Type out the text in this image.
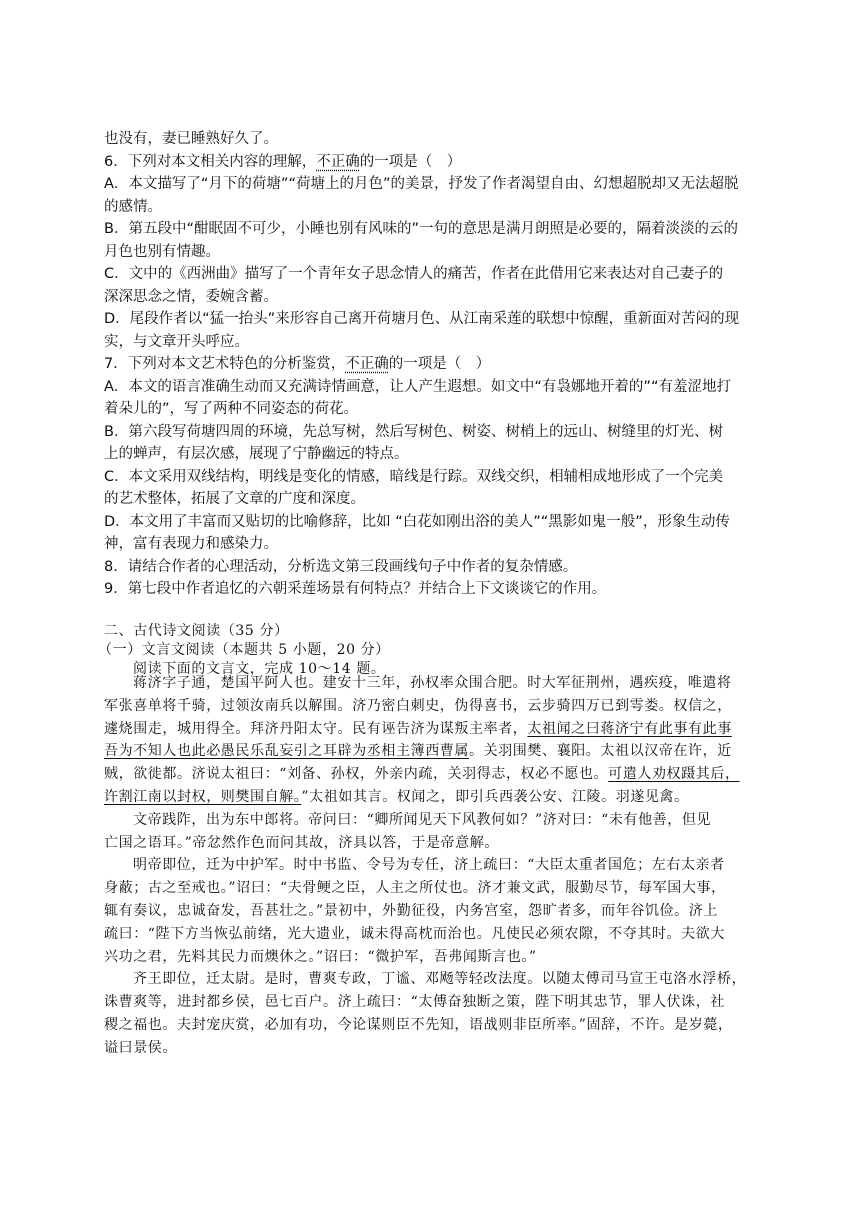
也没有，妻已睡熟好久了。

6．下列对本文相关内容的理解，不正确的一项是（　）

A．本文描写了“月下的荷塘”“荷塘上的月色”的美景，抒发了作者渴望自由、幻想超脱却又无法超脱

的感情。

B．第五段中“酣眠固不可少，小睡也别有风味的”一句的意思是满月朗照是必要的，隔着淡淡的云的

月色也别有情趣。

C．文中的《西洲曲》描写了一个青年女子思念情人的痛苦，作者在此借用它来表达对自己妻子的

深深思念之情，委婉含蓄。

D．尾段作者以“猛一抬头”来形容自己离开荷塘月色、从江南采莲的联想中惊醒，重新面对苦闷的现

实，与文章开头呼应。

7．下列对本文艺术特色的分析鉴赏，不正确的一项是（　）

A．本文的语言准确生动而又充满诗情画意，让人产生遐想。如文中“有袅娜地开着的”“有羞涩地打

着朵儿的”，写了两种不同姿态的荷花。

B．第六段写荷塘四周的环境，先总写树，然后写树色、树姿、树梢上的远山、树缝里的灯光、树

上的蝉声，有层次感，展现了宁静幽远的特点。

C．本文采用双线结构，明线是变化的情感，暗线是行踪。双线交织，相辅相成地形成了一个完美

的艺术整体，拓展了文章的广度和深度。

D．本文用了丰富而又贴切的比喻修辞，比如 “白花如刚出浴的美人”“黑影如鬼一般”，形象生动传

神，富有表现力和感染力。

8．请结合作者的心理活动，分析选文第三段画线句子中作者的复杂情感。

9．第七段中作者追忆的六朝采莲场景有何特点？并结合上下文谈谈它的作用。

二、古代诗文阅读（35 分）

（一）文言文阅读（本题共 5 小题，20 分）

阅读下面的文言文，完成 10～14 题。

蒋济字子通，楚国平阿人也。建安十三年，孙权率众围合肥。时大军征荆州，遇疾疫，唯遣将

军张喜单将千骑，过领汝南兵以解围。济乃密白刺史，伪得喜书，云步骑四万已到雩娄。权信之，

遽烧围走，城用得全。拜济丹阳太守。民有诬告济为谋叛主率者，太祖闻之曰蒋济宁有此事有此事

吾为不知人也此必愚民乐乱妄引之耳辟为丞相主簿西曹属。关羽围樊、襄阳。太祖以汉帝在许，近

贼，欲徙都。济说太祖曰：“刘备、孙权，外亲内疏，关羽得志，权必不愿也。可遣人劝权蹑其后，

许割江南以封权，则樊围自解。”太祖如其言。权闻之，即引兵西袭公安、江陵。羽遂见禽。

文帝践阼，出为东中郎将。帝问曰：“卿所闻见天下风教何如？”济对曰：“未有他善，但见

亡国之语耳。”帝忿然作色而问其故，济具以答，于是帝意解。

明帝即位，迁为中护军。时中书监、令号为专任，济上疏曰：“大臣太重者国危；左右太亲者

身蔽；古之至戒也。”诏曰：“夫骨鲠之臣，人主之所仗也。济才兼文武，服勤尽节，每军国大事，

辄有奏议，忠诚奋发，吾甚壮之。”景初中，外勤征役，内务宫室，怨旷者多，而年谷饥俭。济上

疏曰：“陛下方当恢弘前绪，光大遗业，诚未得高枕而治也。凡使民必须农隙，不夺其时。夫欲大

兴功之君，先料其民力而燠休之。”诏曰：“微护军，吾弗闻斯言也。”

齐王即位，迁太尉。是时，曹爽专政，丁谧、邓飏等轻改法度。以随太傅司马宣王屯洛水浮桥，

诛曹爽等，进封都乡侯，邑七百户。济上疏曰：“太傅奋独断之策，陛下明其忠节，罪人伏诛，社

稷之福也。夫封宠庆赏，必加有功，今论谋则臣不先知，语战则非臣所率。”固辞，不许。是岁薨，

谥曰景侯。
